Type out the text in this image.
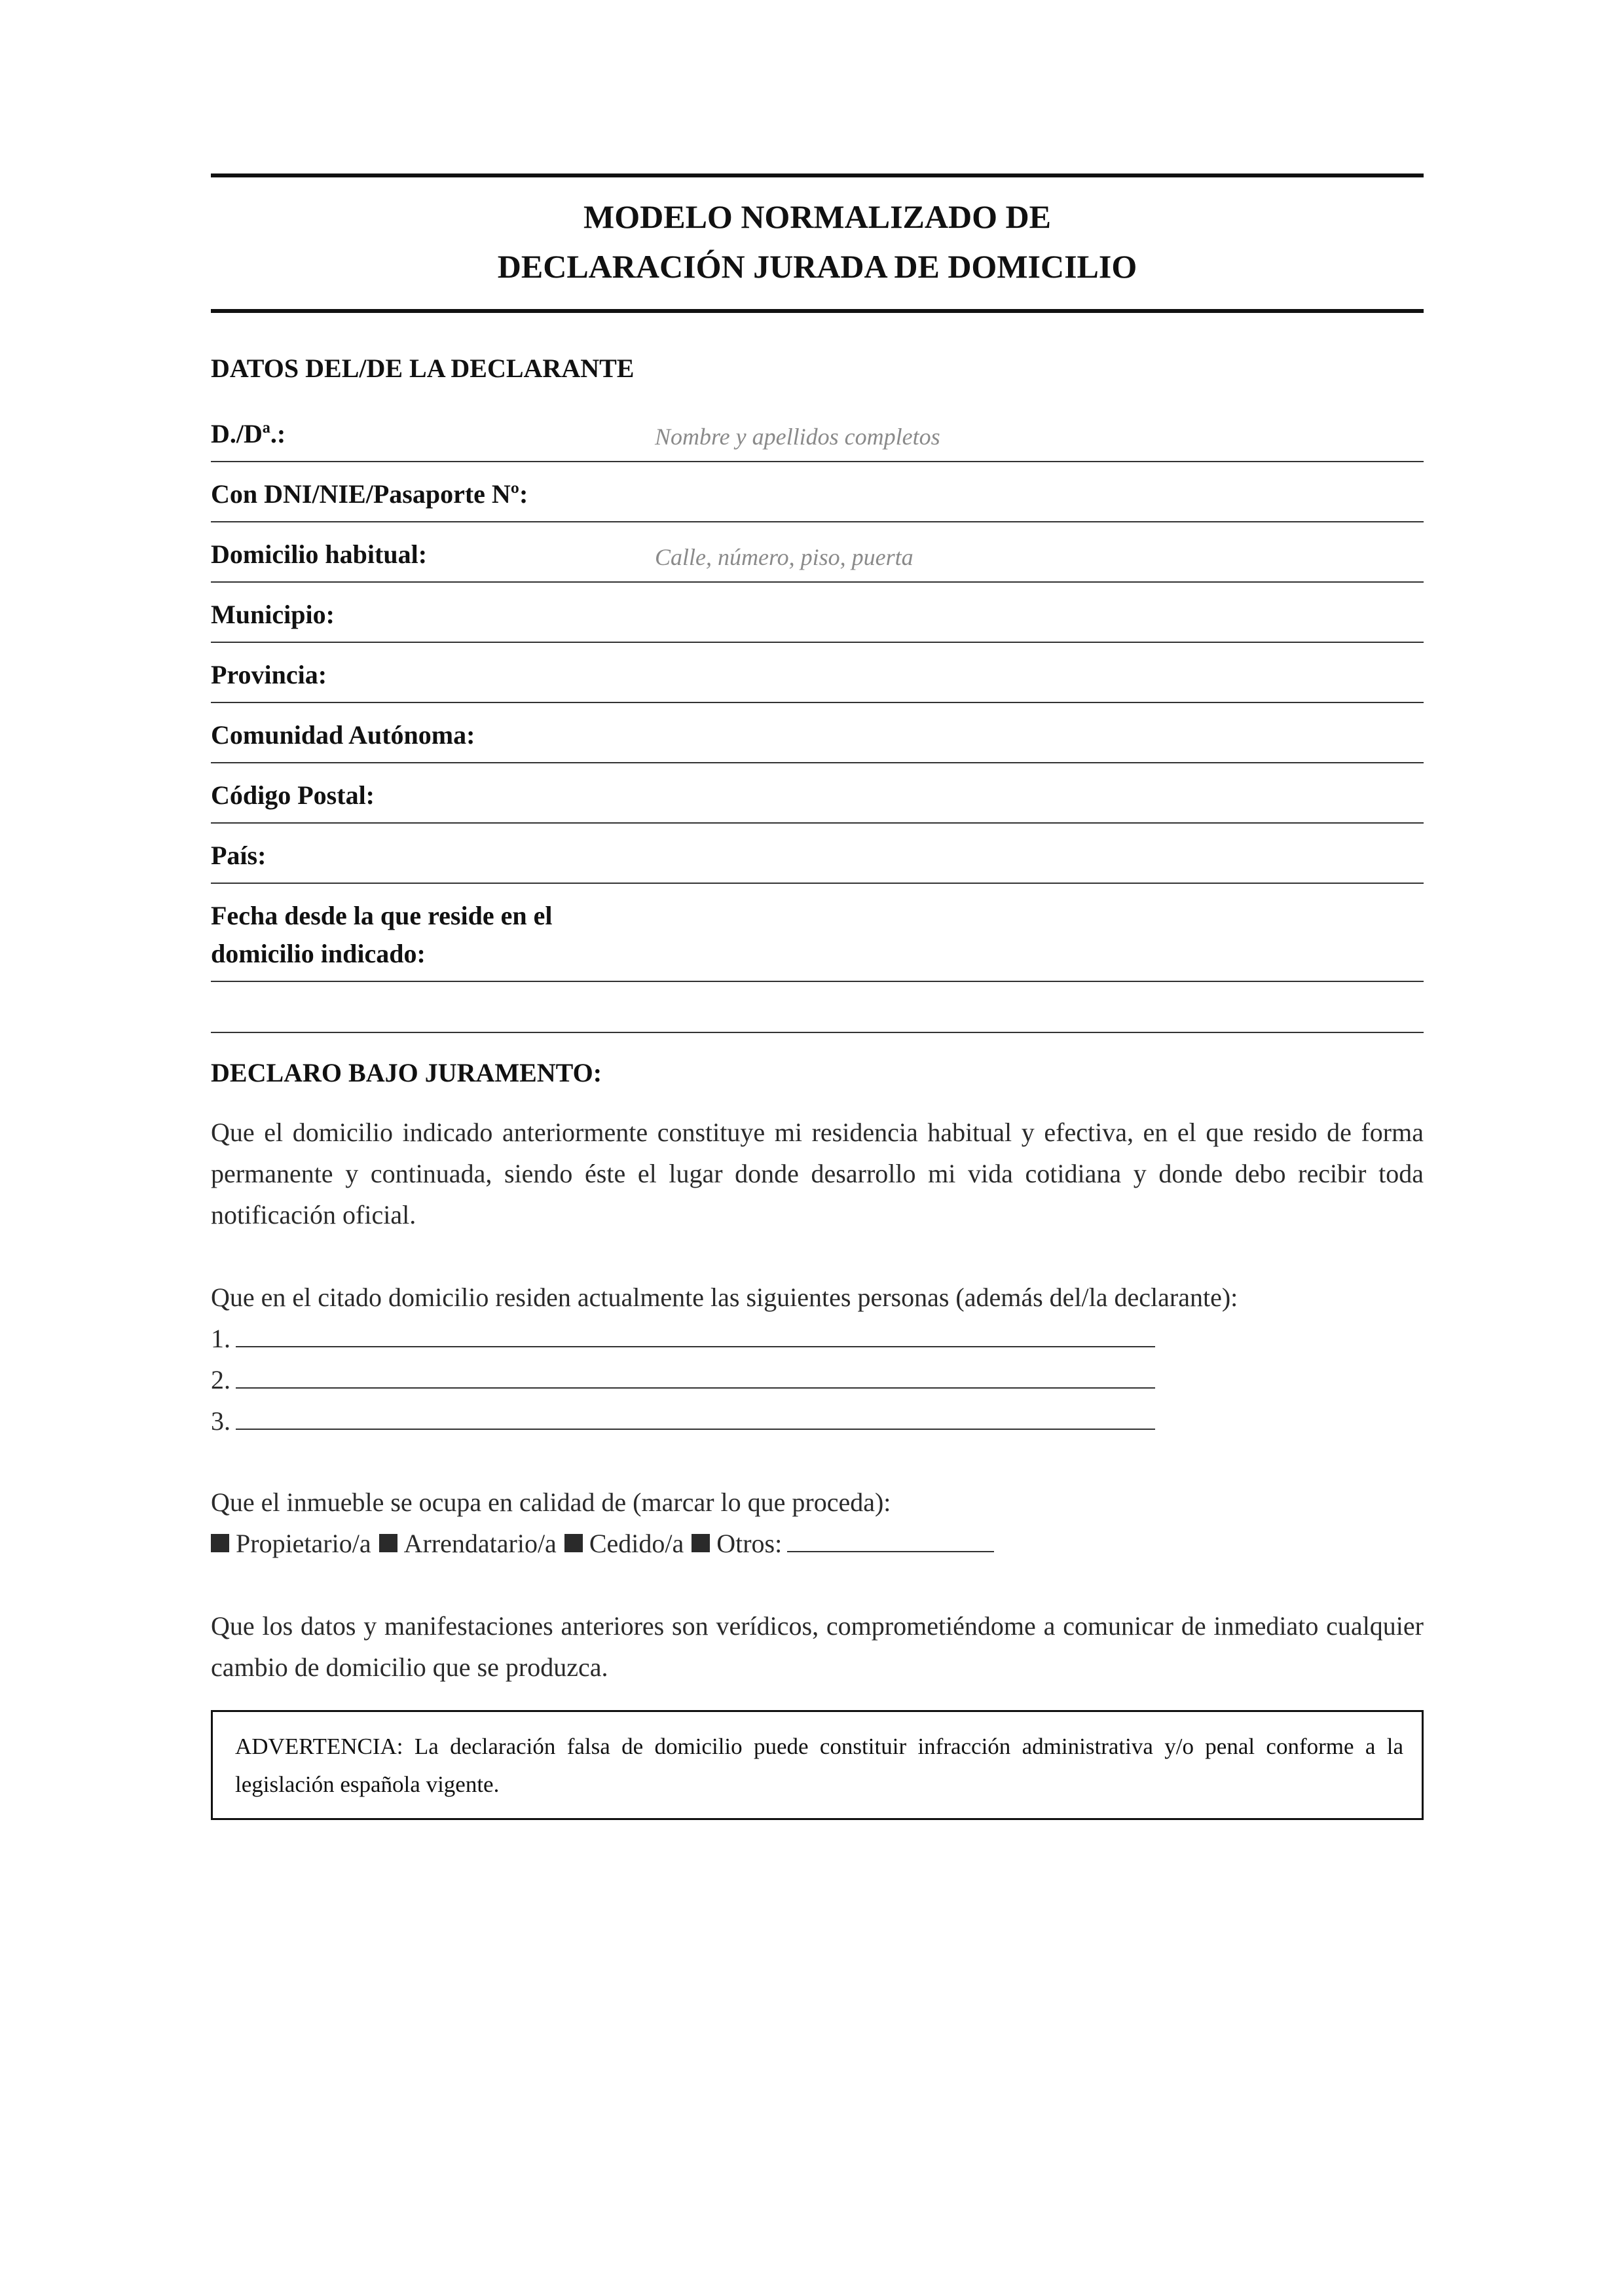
MODELO NORMALIZADO DE
DECLARACIÓN JURADA DE DOMICILIO
DATOS DEL/DE LA DECLARANTE
D./Dª.:	Nombre y apellidos completos
Con DNI/NIE/Pasaporte Nº:
Domicilio habitual:	Calle, número, piso, puerta
Municipio:
Provincia:
Comunidad Autónoma:
Código Postal:
País:
Fecha desde la que reside en el domicilio indicado:
DECLARO BAJO JURAMENTO:
Que el domicilio indicado anteriormente constituye mi residencia habitual y efectiva, en el que resido de forma permanente y continuada, siendo éste el lugar donde desarrollo mi vida cotidiana y donde debo recibir toda notificación oficial.
Que en el citado domicilio residen actualmente las siguientes personas (además del/la declarante):
1.
2.
3.
Que el inmueble se ocupa en calidad de (marcar lo que proceda):
Propietario/a Arrendatario/a Cedido/a Otros:
Que los datos y manifestaciones anteriores son verídicos, comprometiéndome a comunicar de inmediato cualquier cambio de domicilio que se produzca.
ADVERTENCIA: La declaración falsa de domicilio puede constituir infracción administrativa y/o penal conforme a la legislación española vigente.
